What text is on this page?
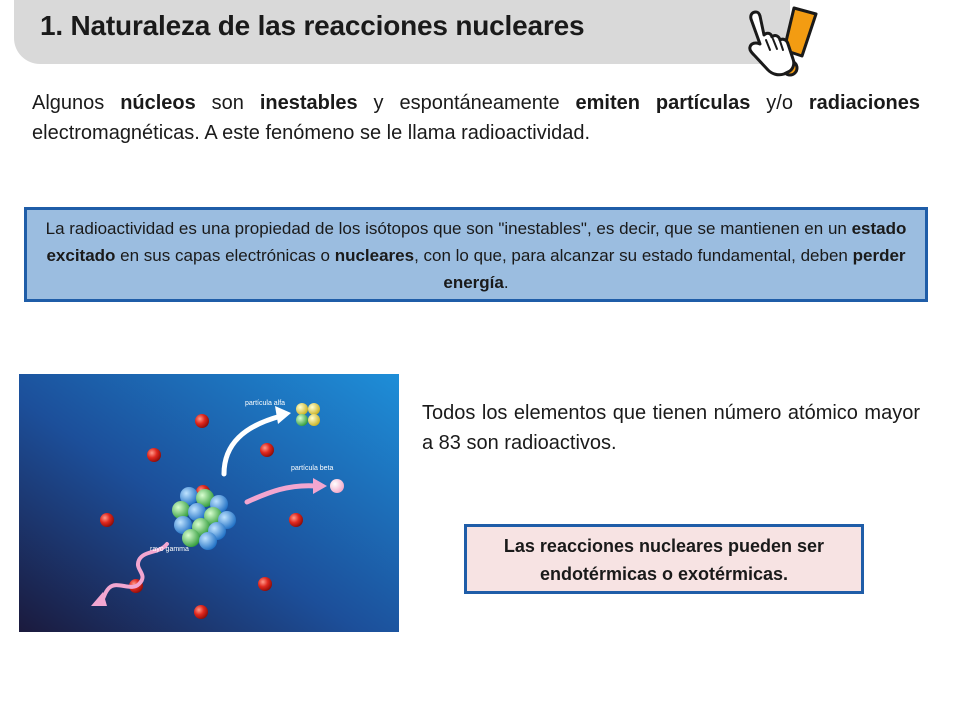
1. Naturaleza de las reacciones nucleares
Algunos núcleos son inestables y espontáneamente emiten partículas y/o radiaciones electromagnéticas. A este fenómeno se le llama radioactividad.
La radioactividad es una propiedad de los isótopos que son "inestables", es decir, que se mantienen en un estado excitado en sus capas electrónicas o nucleares, con lo que, para alcanzar su estado fundamental, deben perder energía.
partícula alfa
partícula beta
rayo gamma
Todos los elementos que tienen número atómico mayor a 83 son radioactivos.
Las reacciones nucleares pueden ser endotérmicas o exotérmicas.
